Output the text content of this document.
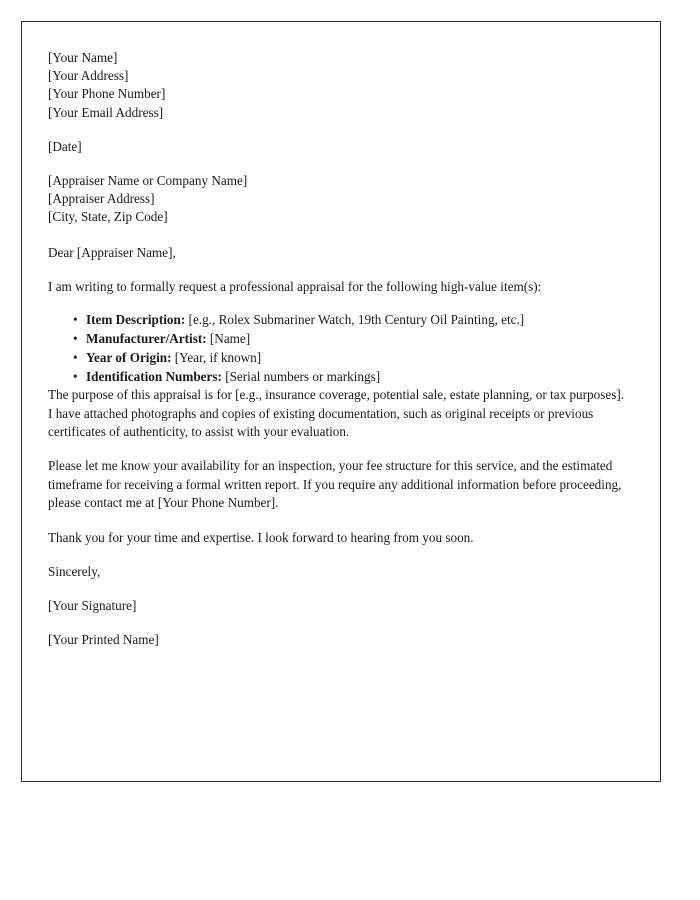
[Your Name]
[Your Address]
[Your Phone Number]
[Your Email Address]
[Date]
[Appraiser Name or Company Name]
[Appraiser Address]
[City, State, Zip Code]
Dear [Appraiser Name],

I am writing to formally request a professional appraisal for the following high-value item(s):

• Item Description: [e.g., Rolex Submariner Watch, 19th Century Oil Painting, etc.]
• Manufacturer/Artist: [Name]
• Year of Origin: [Year, if known]
• Identification Numbers: [Serial numbers or markings]

The purpose of this appraisal is for [e.g., insurance coverage, potential sale, estate planning, or tax purposes]. I have attached photographs and copies of existing documentation, such as original receipts or previous certificates of authenticity, to assist with your evaluation.

Please let me know your availability for an inspection, your fee structure for this service, and the estimated timeframe for receiving a formal written report. If you require any additional information before proceeding, please contact me at [Your Phone Number].

Thank you for your time and expertise. I look forward to hearing from you soon.

Sincerely,
[Your Signature]
[Your Printed Name]
